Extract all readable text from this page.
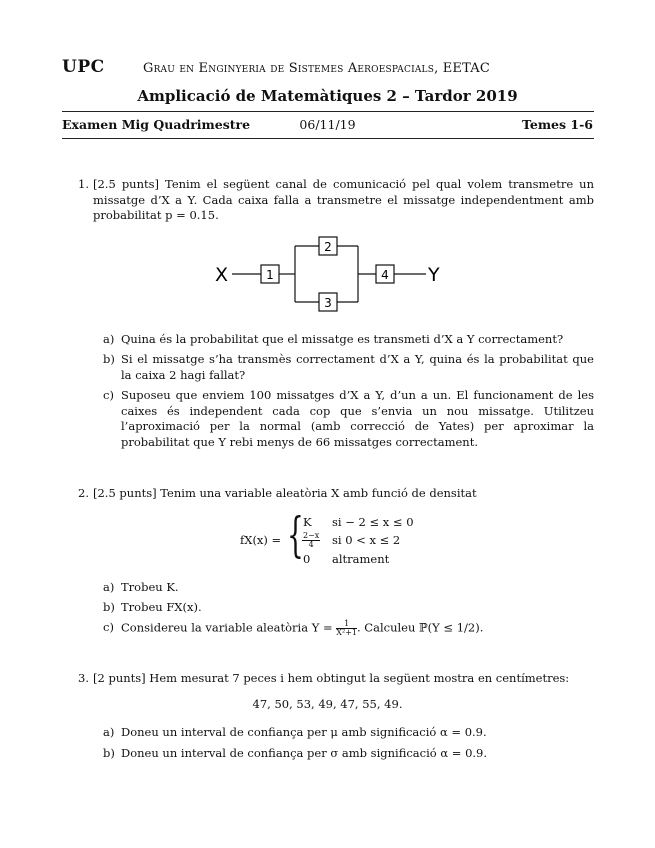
UPC	Grau en Enginyeria de Sistemes Aeroespacials, EETAC
Amplicació de Matemàtiques 2 – Tardor 2019
Examen Mig Quadrimestre	06/11/19	Temes 1-6
1. [2.5 punts] Tenim el següent canal de comunicació pel qual volem transmetre un missatge d’X a Y. Cada caixa falla a transmetre el missatge independentment amb probabilitat p = 0.15.
X	Y
1
2
3
4
a) Quina és la probabilitat que el missatge es transmeti d’X a Y correctament?
b) Si el missatge s’ha transmès correctament d’X a Y, quina és la probabilitat que la caixa 2 hagi fallat?
c) Suposeu que enviem 100 missatges d’X a Y, d’un a un. El funcionament de les caixes és independent cada cop que s’envia un nou missatge. Utilitzeu l’aproximació per la normal (amb correcció de Yates) per aproximar la probabilitat que Y rebi menys de 66 missatges correctament.
2. [2.5 punts] Tenim una variable aleatòria X amb funció de densitat
fX(x) = { K si − 2 ≤ x ≤ 0
$\frac{2-x}{4}$ si 0 < x ≤ 2
0 altrament
a) Trobeu K.
b) Trobeu FX(x).
c) Considereu la variable aleatòria $Y = \frac{1}{\text{X²+1}}$ . Calculeu ℙ(Y ≤ 1/2).
3. [2 punts] Hem mesurat 7 peces i hem obtingut la següent mostra en centímetres:
47, 50, 53, 49, 47, 55, 49.
a) Doneu un interval de confiança per μ amb significació α = 0.9.
b) Doneu un interval de confiança per σ amb significació α = 0.9.
